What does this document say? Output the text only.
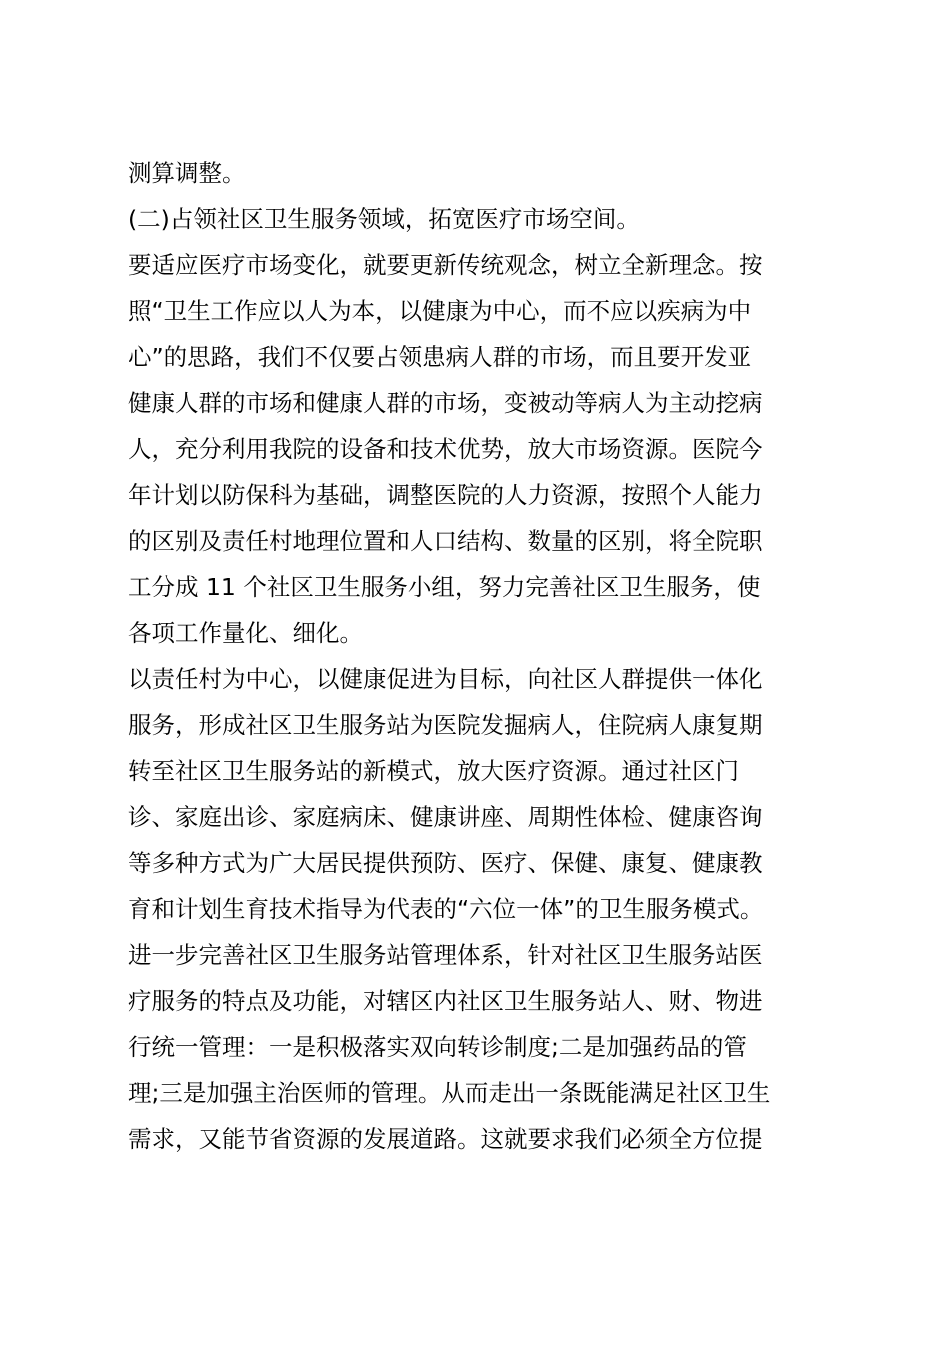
测算调整。
(二)占领社区卫生服务领域，拓宽医疗市场空间。
要适应医疗市场变化，就要更新传统观念，树立全新理念。按
照“卫生工作应以人为本，以健康为中心，而不应以疾病为中
心”的思路，我们不仅要占领患病人群的市场，而且要开发亚
健康人群的市场和健康人群的市场，变被动等病人为主动挖病
人，充分利用我院的设备和技术优势，放大市场资源。医院今
年计划以防保科为基础，调整医院的人力资源，按照个人能力
的区别及责任村地理位置和人口结构、数量的区别，将全院职
工分成 11 个社区卫生服务小组，努力完善社区卫生服务，使
各项工作量化、细化。
以责任村为中心，以健康促进为目标，向社区人群提供一体化
服务，形成社区卫生服务站为医院发掘病人，住院病人康复期
转至社区卫生服务站的新模式，放大医疗资源。通过社区门
诊、家庭出诊、家庭病床、健康讲座、周期性体检、健康咨询
等多种方式为广大居民提供预防、医疗、保健、康复、健康教
育和计划生育技术指导为代表的“六位一体”的卫生服务模式。
进一步完善社区卫生服务站管理体系，针对社区卫生服务站医
疗服务的特点及功能，对辖区内社区卫生服务站人、财、物进
行统一管理：一是积极落实双向转诊制度;二是加强药品的管
理;三是加强主治医师的管理。从而走出一条既能满足社区卫生
需求，又能节省资源的发展道路。这就要求我们必须全方位提
